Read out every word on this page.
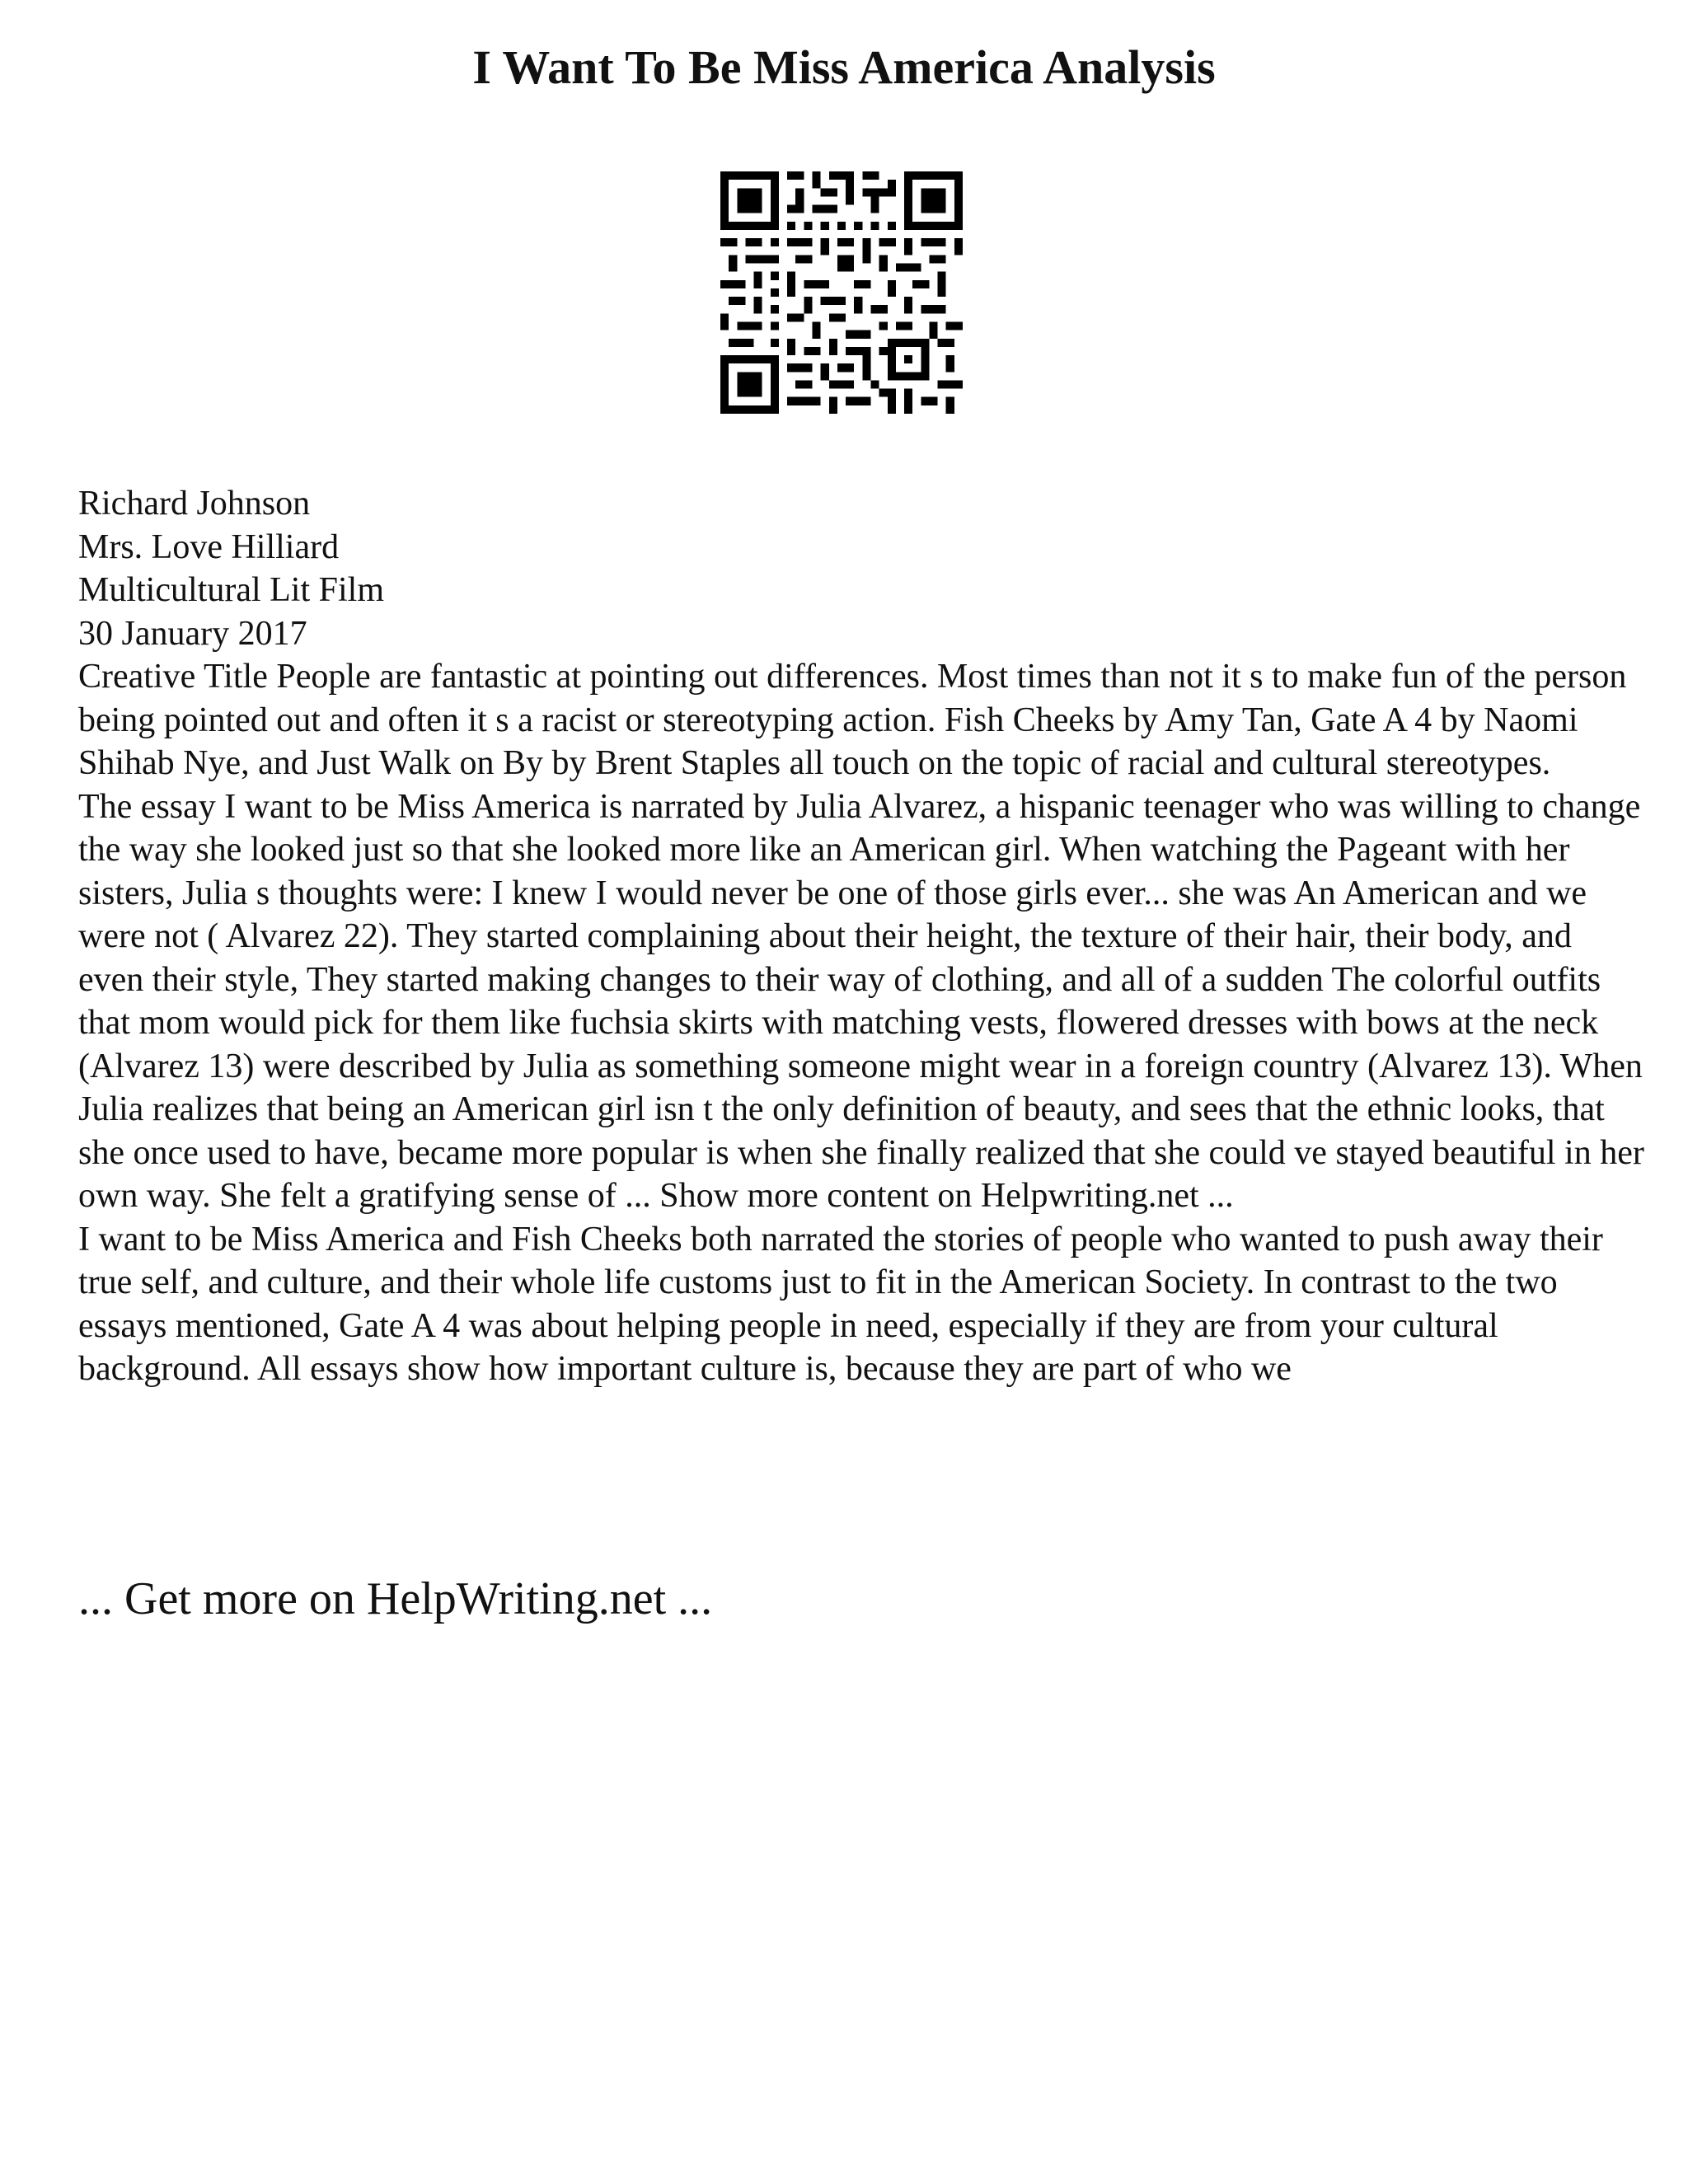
I Want To Be Miss America Analysis

Richard Johnson

Mrs. Love Hilliard

Multicultural Lit Film

30 January 2017

Creative Title People are fantastic at pointing out differences. Most times than not it s to make fun of the person being pointed out and often it s a racist or stereotyping action. Fish Cheeks by Amy Tan, Gate A 4 by Naomi Shihab Nye, and Just Walk on By by Brent Staples all touch on the topic of racial and cultural stereotypes.

The essay I want to be Miss America is narrated by Julia Alvarez, a hispanic teenager who was willing to change the way she looked just so that she looked more like an American girl. When watching the Pageant with her sisters, Julia s thoughts were: I knew I would never be one of those girls ever... she was An American and we were not ( Alvarez 22). They started complaining about their height, the texture of their hair, their body, and even their style, They started making changes to their way of clothing, and all of a sudden The colorful outfits that mom would pick for them like fuchsia skirts with matching vests, flowered dresses with bows at the neck (Alvarez 13) were described by Julia as something someone might wear in a foreign country (Alvarez 13). When Julia realizes that being an American girl isn t the only definition of beauty, and sees that the ethnic looks, that she once used to have, became more popular is when she finally realized that she could ve stayed beautiful in her own way. She felt a gratifying sense of ... Show more content on Helpwriting.net ...

I want to be Miss America and Fish Cheeks both narrated the stories of people who wanted to push away their true self, and culture, and their whole life customs just to fit in the American Society. In contrast to the two essays mentioned, Gate A 4 was about helping people in need, especially if they are from your cultural background. All essays show how important culture is, because they are part of who we

... Get more on HelpWriting.net ...
